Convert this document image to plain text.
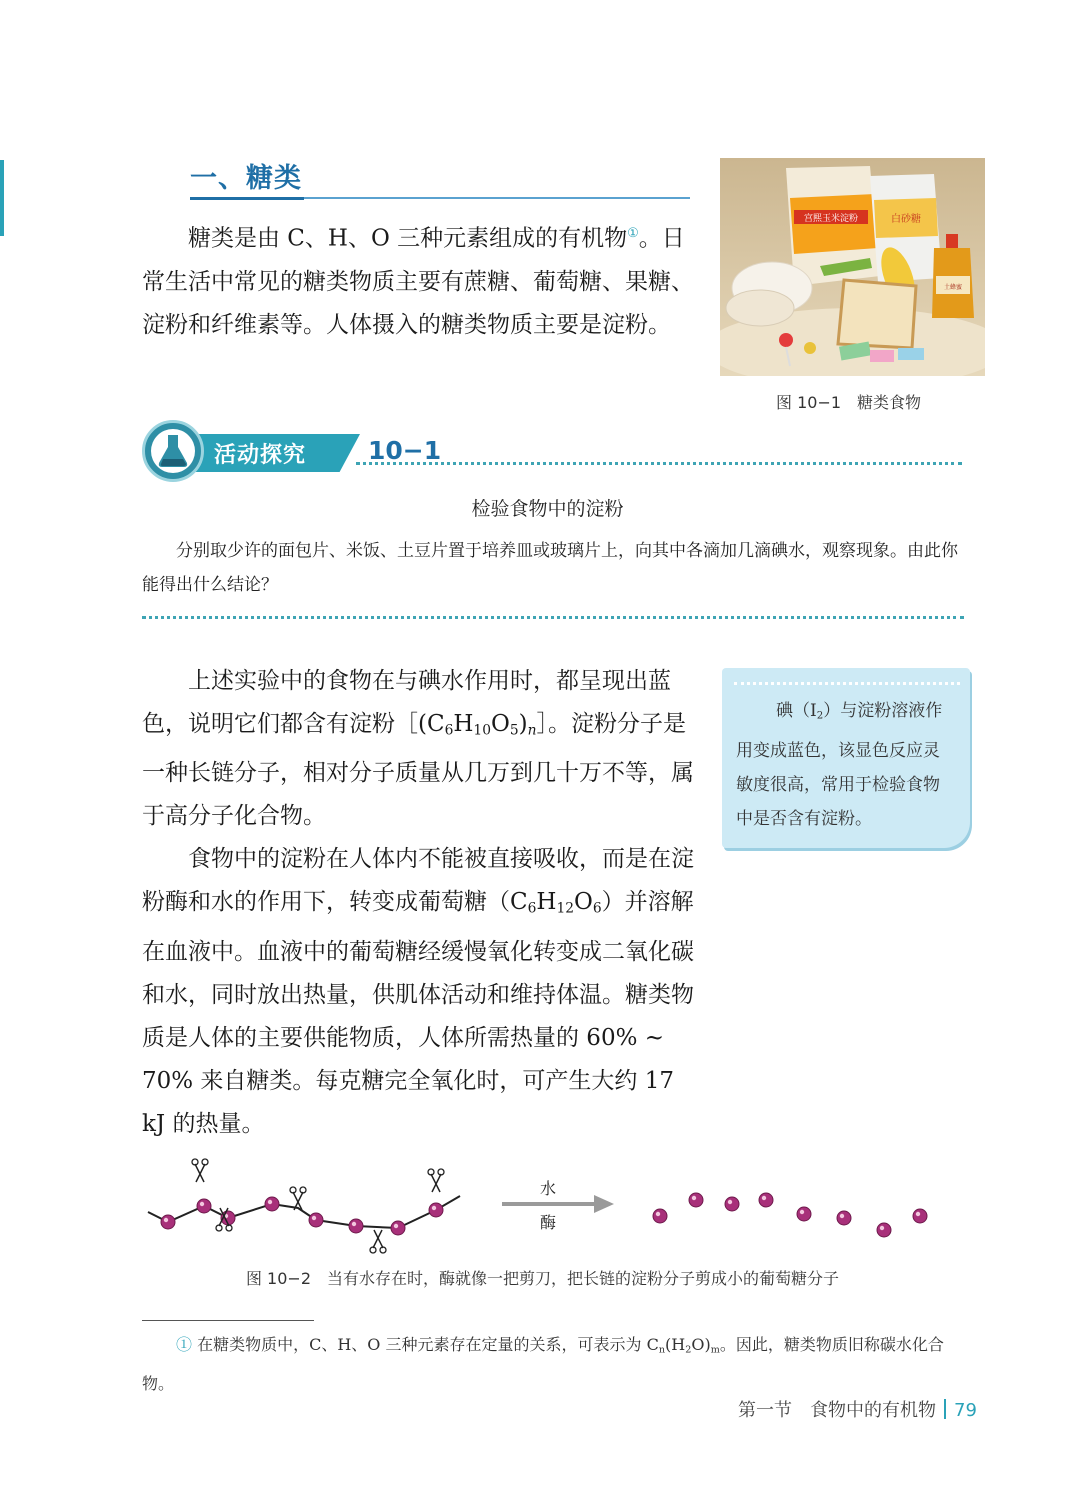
一、糖类

糖类是由 C、H、O 三种元素组成的有机物①。日常生活中常见的糖类物质主要有蔗糖、葡萄糖、果糖、淀粉和纤维素等。人体摄入的糖类物质主要是淀粉。

宫熙玉米淀粉	白砂糖
土蜂蜜
图 10−1　糖类食物
活动探究 10−1
检验食物中的淀粉

分别取少许的面包片、米饭、土豆片置于培养皿或玻璃片上，向其中各滴加几滴碘水，观察现象。由此你能得出什么结论？

上述实验中的食物在与碘水作用时，都呈现出蓝色，说明它们都含有淀粉$[(C_6H_{10}O_5)_n]$。淀粉分子是一种长链分子，相对分子质量从几万到几十万不等，属于高分子化合物。

食物中的淀粉在人体内不能被直接吸收，而是在淀粉酶和水的作用下，转变成葡萄糖$(C_6H_{12}O_6)$并溶解在血液中。血液中的葡萄糖经缓慢氧化转变成二氧化碳和水，同时放出热量，供肌体活动和维持体温。糖类物质是人体的主要供能物质，人体所需热量的 60% ~ 70% 来自糖类。每克糖完全氧化时，可产生大约 17 kJ 的热量。

碘$(I_2)$与淀粉溶液作用变成蓝色，该显色反应灵敏度很高，常用于检验食物中是否含有淀粉。

水
酶
图 10−2　当有水存在时，酶就像一把剪刀，把长链的淀粉分子剪成小的葡萄糖分子

① 在糖类物质中，C、H、O 三种元素存在定量的关系，可表示为 $C_n(H_2O)_m$。因此，糖类物质旧称碳水化合物。

第一节　食物中的有机物 79
